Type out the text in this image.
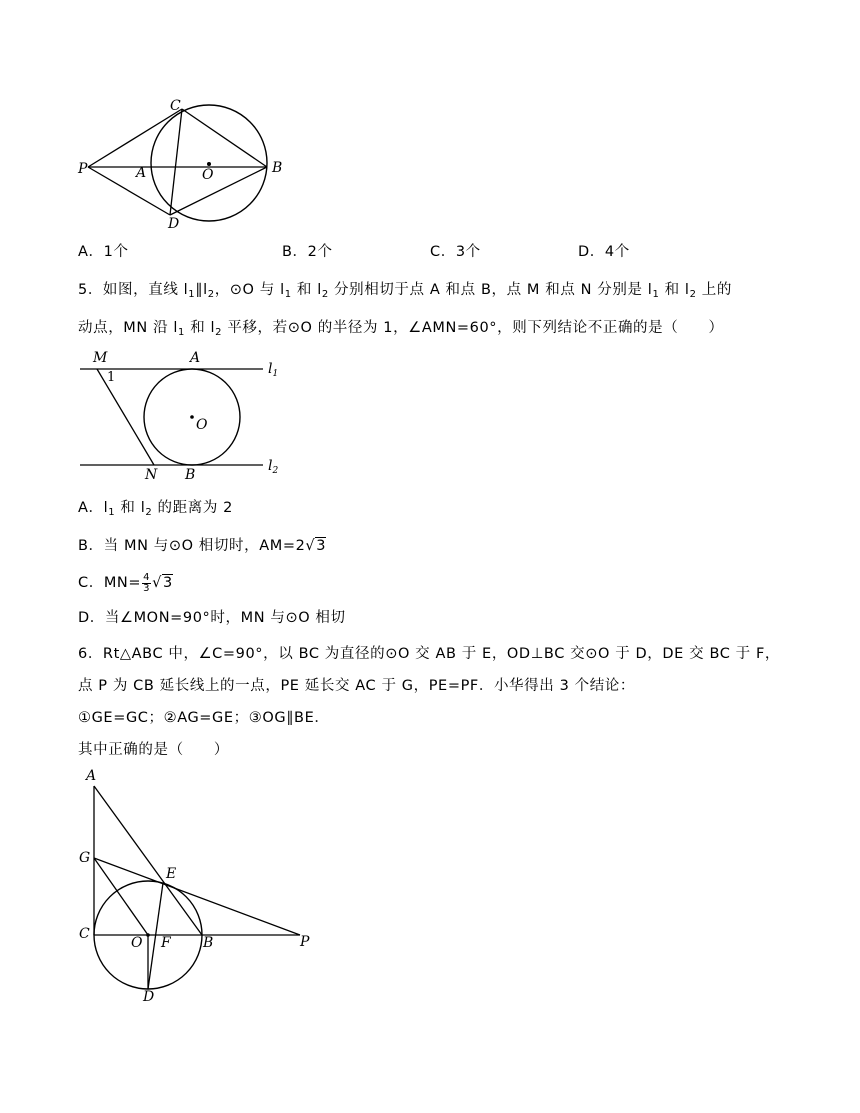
C
P	A	O	B
D
A．1个	B．2个	C．3个	D．4个
5．如图，直线 $l_1\parallel l_2$，⊙O 与 $l_1$ 和 $l_2$ 分别相切于点 A 和点 B，点 M 和点 N 分别是 $l_1$ 和 $l_2$ 上的
动点，MN 沿 $l_1$ 和 $l_2$ 平移，若⊙O 的半径为 1，∠AMN=60°，则下列结论不正确的是（　　）
M	A
1
$l_1$
O
N B
$l_2$
A．$l_1$ 和 $l_2$ 的距离为 2
B．当 MN 与⊙O 相切时，AM=2√3
C．$MN= \frac{4}{3} √3$
D．当∠MON=90°时，MN 与⊙O 相切
6．Rt△ABC 中，∠C=90°，以 BC 为直径的⊙O 交 AB 于 E，OD⊥BC 交⊙O 于 D，DE 交 BC 于 F，
点 P 为 CB 延长线上的一点，PE 延长交 AC 于 G，PE=PF．小华得出 3 个结论：
①GE=GC；②AG=GE；③OG∥BE．
其中正确的是（　　）
A
G
E
C
O F B	P
D
